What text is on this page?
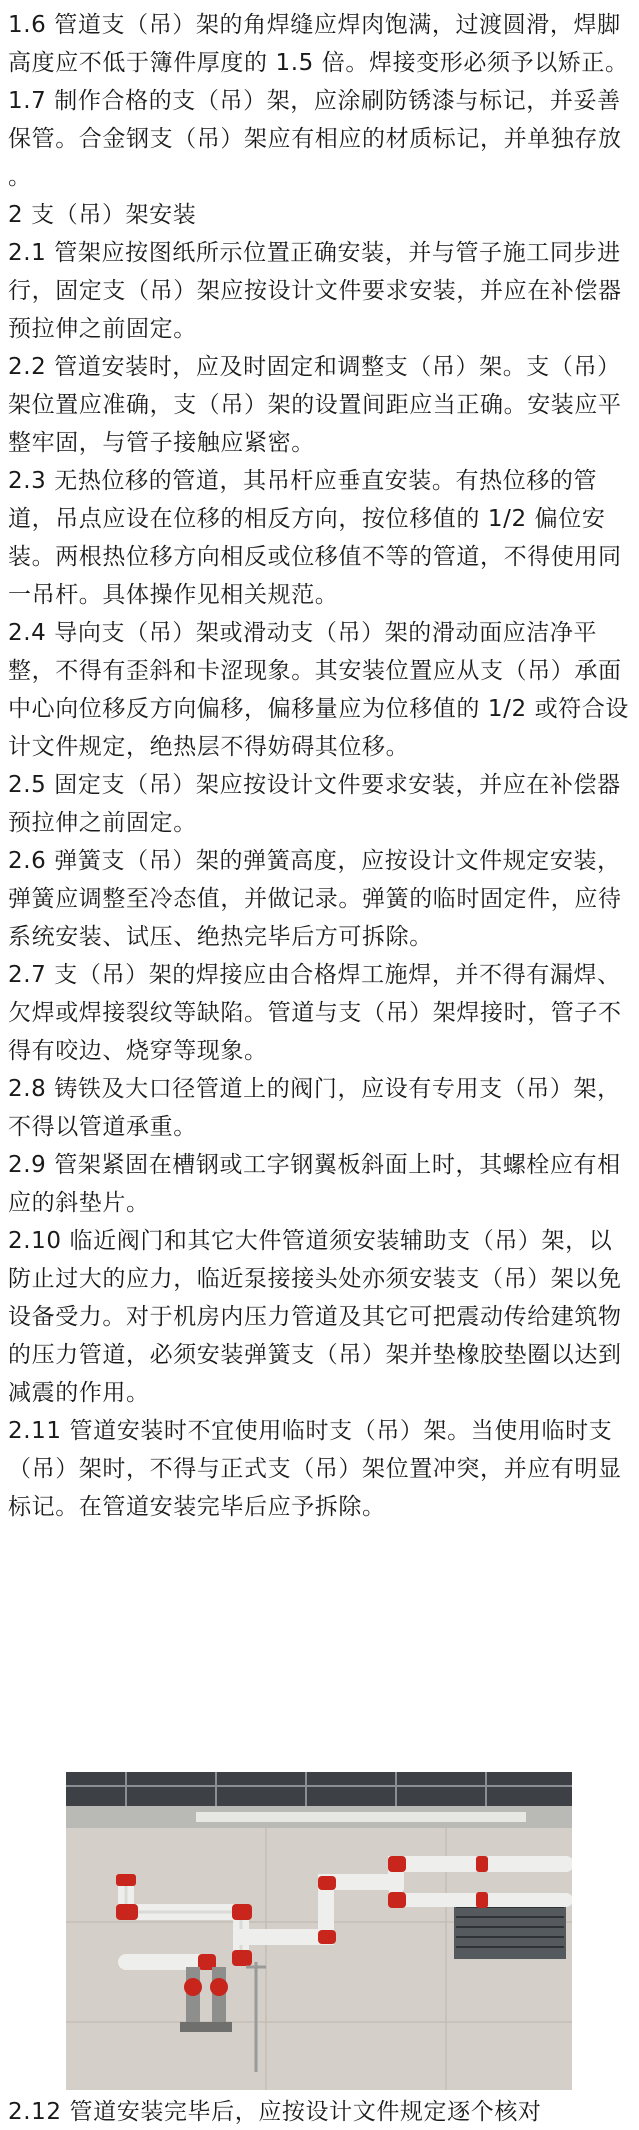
1.6 管道支（吊）架的角焊缝应焊肉饱满，过渡圆滑，焊脚高度应不低于簿件厚度的 1.5 倍。焊接变形必须予以矫正。

1.7 制作合格的支（吊）架，应涂刷防锈漆与标记，并妥善保管。合金钢支（吊）架应有相应的材质标记，并单独存放 。

2 支（吊）架安装

2.1 管架应按图纸所示位置正确安装，并与管子施工同步进行，固定支（吊）架应按设计文件要求安装，并应在补偿器预拉伸之前固定。

2.2 管道安装时，应及时固定和调整支（吊）架。支（吊）架位置应准确，支（吊）架的设置间距应当正确。安装应平整牢固，与管子接触应紧密。

2.3 无热位移的管道，其吊杆应垂直安装。有热位移的管道，吊点应设在位移的相反方向，按位移值的 1/2 偏位安装。两根热位移方向相反或位移值不等的管道，不得使用同一吊杆。具体操作见相关规范。

2.4 导向支（吊）架或滑动支（吊）架的滑动面应洁净平整，不得有歪斜和卡涩现象。其安装位置应从支（吊）承面中心向位移反方向偏移，偏移量应为位移值的 1/2 或符合设计文件规定，绝热层不得妨碍其位移。

2.5 固定支（吊）架应按设计文件要求安装，并应在补偿器预拉伸之前固定。

2.6 弹簧支（吊）架的弹簧高度，应按设计文件规定安装，弹簧应调整至冷态值，并做记录。弹簧的临时固定件，应待系统安装、试压、绝热完毕后方可拆除。

2.7 支（吊）架的焊接应由合格焊工施焊，并不得有漏焊、欠焊或焊接裂纹等缺陷。管道与支（吊）架焊接时，管子不得有咬边、烧穿等现象。

2.8 铸铁及大口径管道上的阀门，应设有专用支（吊）架，不得以管道承重。

2.9 管架紧固在槽钢或工字钢翼板斜面上时，其螺栓应有相应的斜垫片。

2.10 临近阀门和其它大件管道须安装辅助支（吊）架，以防止过大的应力，临近泵接接头处亦须安装支（吊）架以免设备受力。对于机房内压力管道及其它可把震动传给建筑物的压力管道，必须安装弹簧支（吊）架并垫橡胶垫圈以达到减震的作用。

2.11 管道安装时不宜使用临时支（吊）架。当使用临时支（吊）架时，不得与正式支（吊）架位置冲突，并应有明显标记。在管道安装完毕后应予拆除。

2.12 管道安装完毕后，应按设计文件规定逐个核对
